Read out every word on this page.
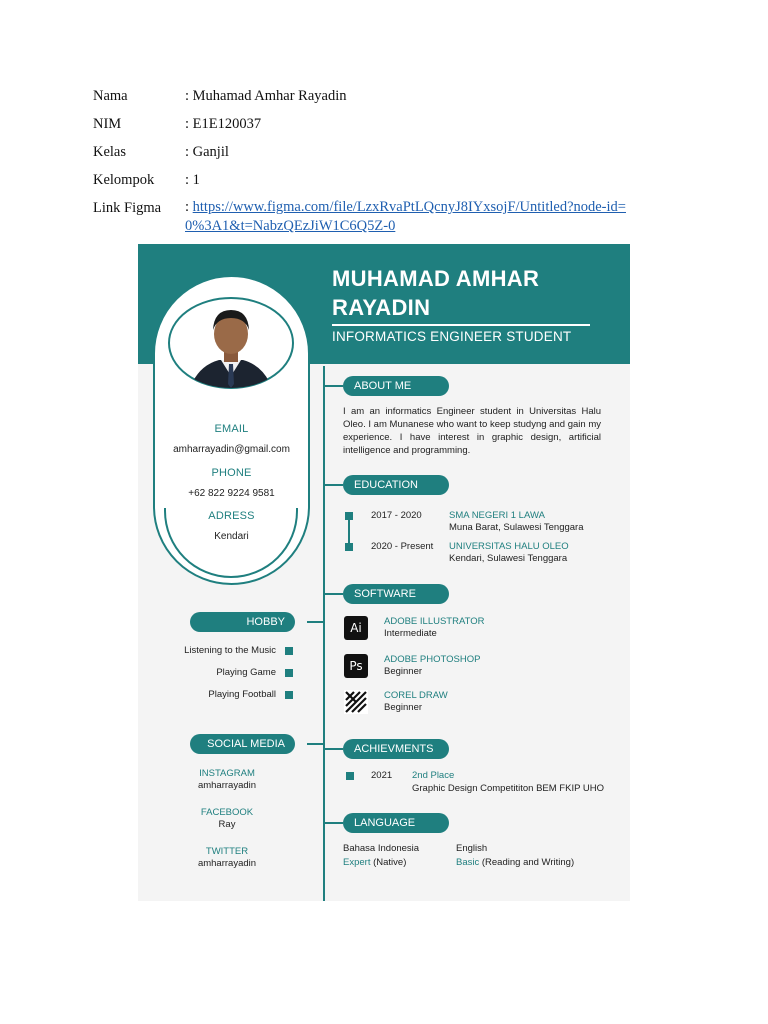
Nama	: Muhamad Amhar Rayadin
NIM	: E1E120037
Kelas	: Ganjil
Kelompok : 1
Link Figma : https://www.figma.com/file/LzxRvaPtLQcnyJ8IYxsojF/Untitled?node-id=0%3A1&t=NabzQEzJiW1C6Q5Z-0
MUHAMAD AMHAR
RAYADIN
INFORMATICS ENGINEER STUDENT
EMAIL
amharrayadin@gmail.com
PHONE
+62 822 9224 9581
ADRESS
Kendari
HOBBY
Listening to the Music
Playing Game
Playing Football
SOCIAL MEDIA
INSTAGRAM
amharrayadin
FACEBOOK
Ray
TWITTER
amharrayadin
ABOUT ME
I am an informatics Engineer student in Universitas Halu Oleo. I am Munanese who want to keep studyng and gain my experience. I have interest in graphic design, artificial intelligence and programming.
EDUCATION
2017 - 2020	SMA NEGERI 1 LAWA
Muna Barat, Sulawesi Tenggara
2020 - Present UNIVERSITAS HALU OLEO
Kendari, Sulawesi Tenggara
SOFTWARE
Ai	ADOBE ILLUSTRATOR
Intermediate
Ps	ADOBE PHOTOSHOP
Beginner
COREL DRAW
Beginner
ACHIEVMENTS
2021 2nd Place
Graphic Design Competititon BEM FKIP UHO
LANGUAGE
Bahasa Indonesia
Expert (Native)
English
Basic (Reading and Writing)
